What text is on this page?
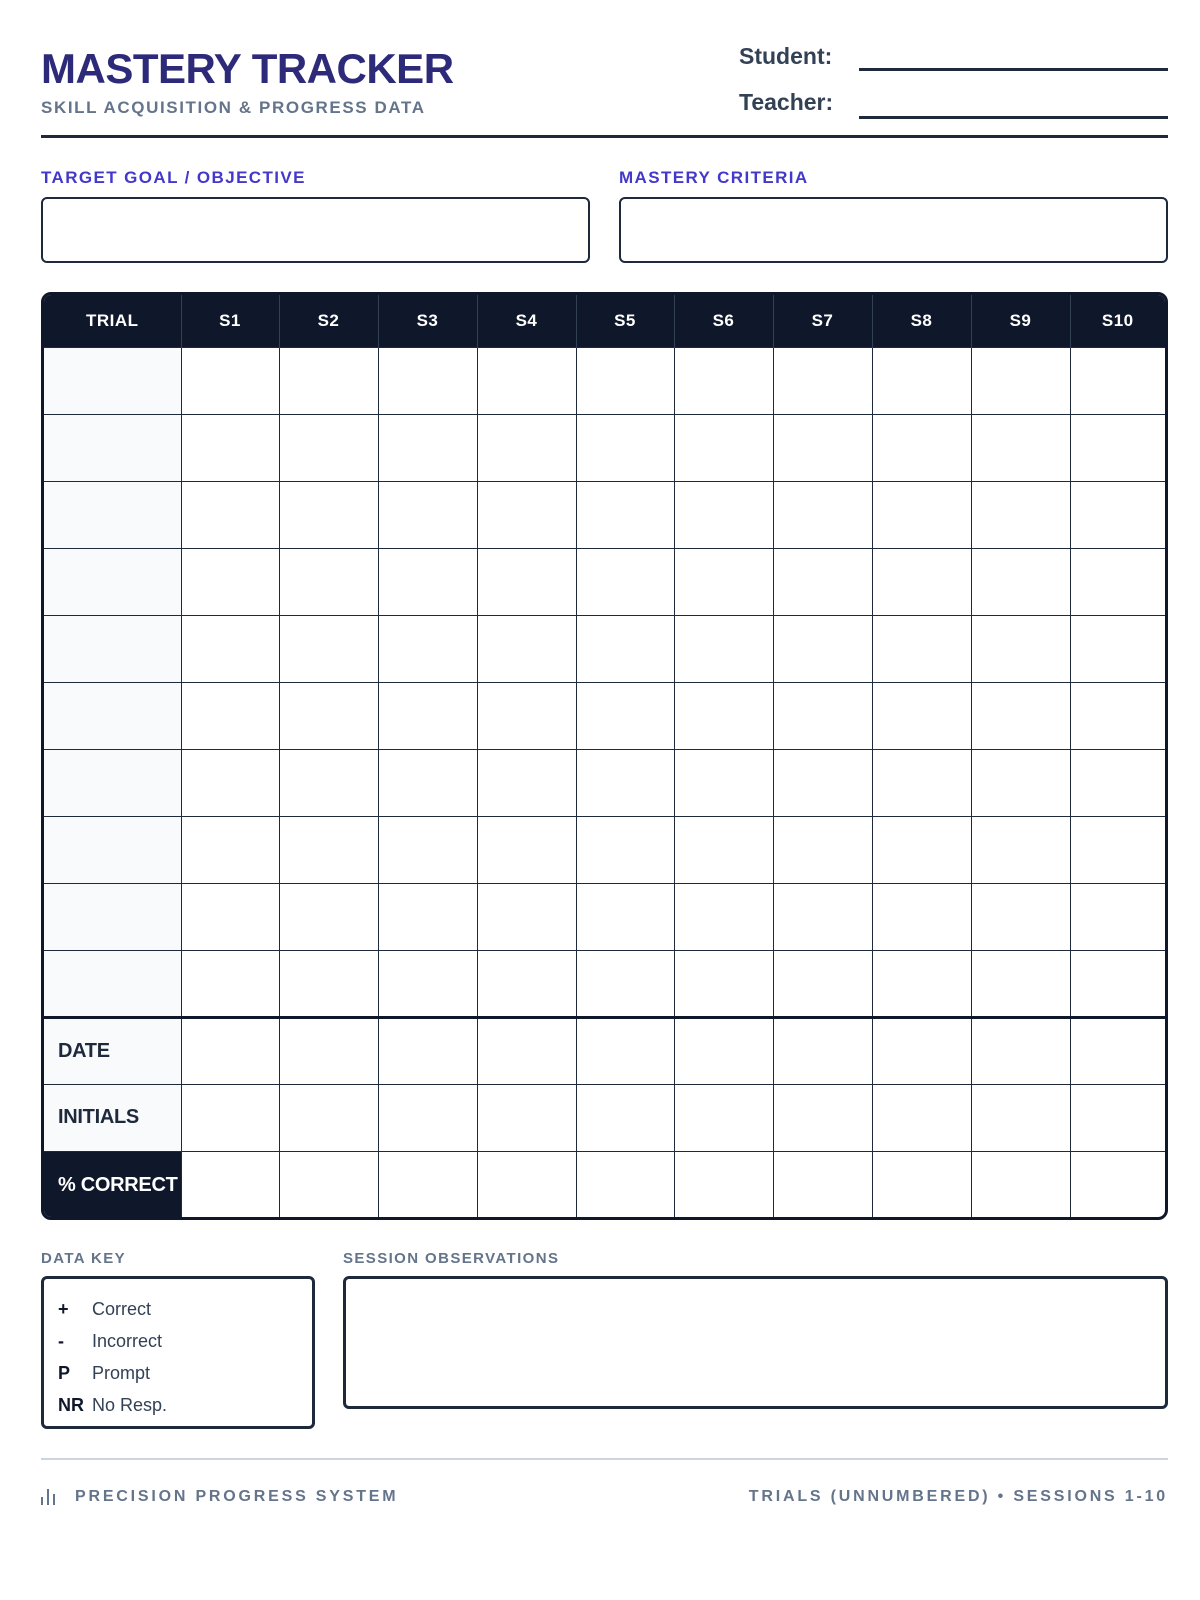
MASTERY TRACKER
SKILL ACQUISITION & PROGRESS DATA
Student:
Teacher:
TARGET GOAL / OBJECTIVE	MASTERY CRITERIA
TRIAL	S1	S2	S3	S4	S5	S6	S7	S8	S9	S10

DATE										
INITIALS										
% CORRECT										
DATA KEY
+	Correct
-	Incorrect
P	Prompt
NR No Resp.
SESSION OBSERVATIONS
PRECISION PROGRESS SYSTEM	TRIALS (UNNUMBERED) • SESSIONS 1-10
